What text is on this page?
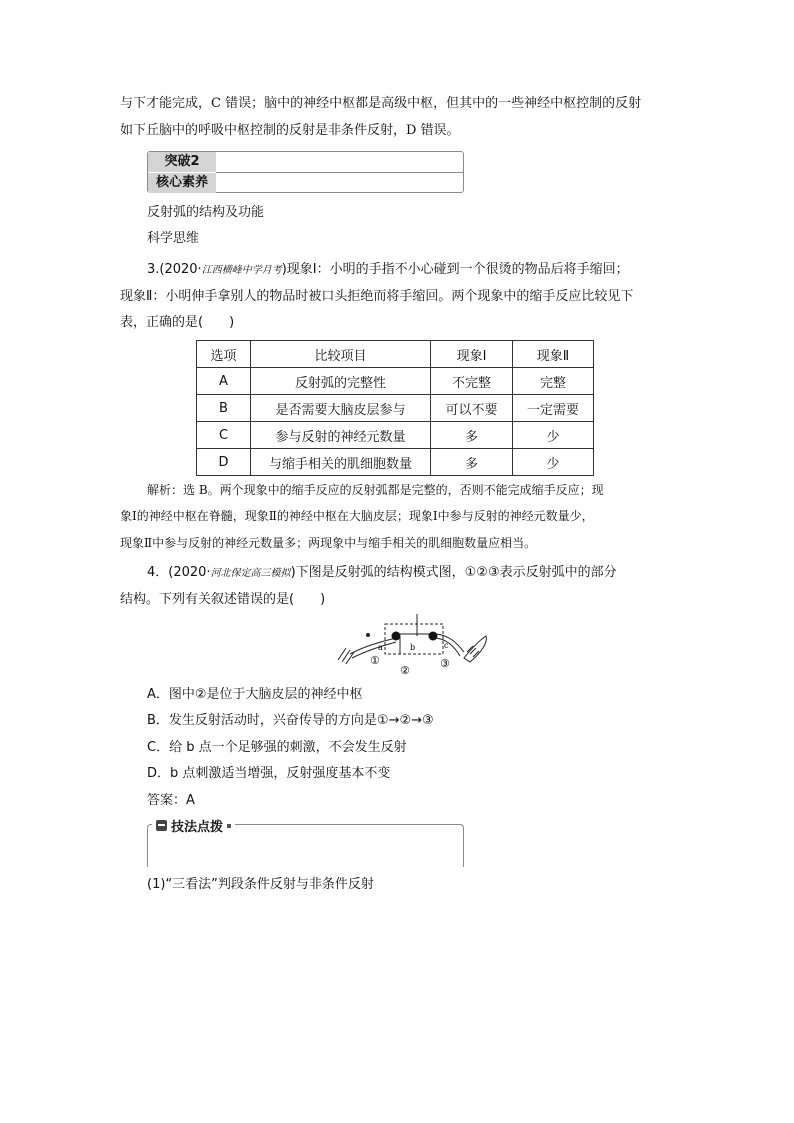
与下才能完成，C 错误；脑中的神经中枢都是高级中枢，但其中的一些神经中枢控制的反射
如下丘脑中的呼吸中枢控制的反射是非条件反射，D 错误。
突破2
核心素养
反射弧的结构及功能
科学思维
3.(2020·江西横峰中学月考)现象Ⅰ：小明的手指不小心碰到一个很烫的物品后将手缩回；
现象Ⅱ：小明伸手拿别人的物品时被口头拒绝而将手缩回。两个现象中的缩手反应比较见下
表，正确的是(　　)
选项	比较项目	现象Ⅰ	现象Ⅱ
A	反射弧的完整性	不完整	完整
B	是否需要大脑皮层参与	可以不要	一定需要
C	参与反射的神经元数量	多	少
D	与缩手相关的肌细胞数量	多	少
解析：选 B。两个现象中的缩手反应的反射弧都是完整的，否则不能完成缩手反应；现
象Ⅰ的神经中枢在脊髓，现象Ⅱ的神经中枢在大脑皮层；现象Ⅰ中参与反射的神经元数量少，
现象Ⅱ中参与反射的神经元数量多；两现象中与缩手相关的肌细胞数量应相当。
4．(2020·河北保定高三模拟)下图是反射弧的结构模式图，①②③表示反射弧中的部分
结构。下列有关叙述错误的是(　　)
a	b	c
①
②
③
A．图中②是位于大脑皮层的神经中枢
B．发生反射活动时，兴奋传导的方向是①→②→③
C．给 b 点一个足够强的刺激，不会发生反射
D．b 点刺激适当增强，反射强度基本不变
答案：A
技法点拨
(1)“三看法”判段条件反射与非条件反射
